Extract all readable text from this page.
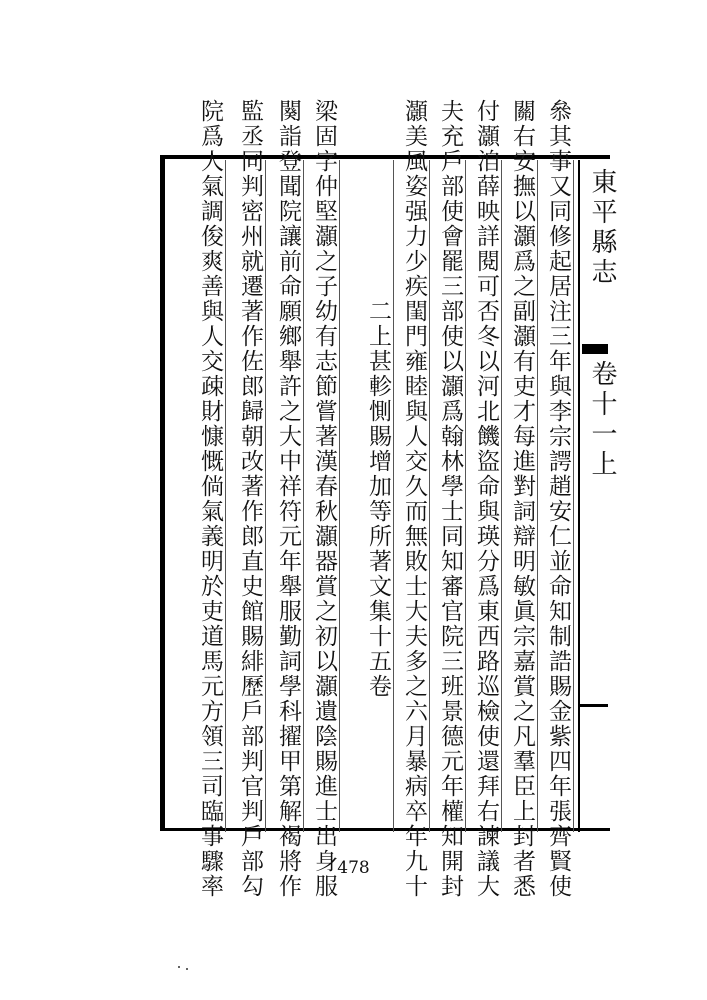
東平縣志
卷十一上
叅其事又同修起居注三年與李宗諤趙安仁並命知制誥賜金紫四年張齊賢使
關右安撫以灝爲之副灝有吏才每進對詞辯明敏眞宗嘉賞之凡羣臣上封者悉
付灝洎薛映詳閱可否冬以河北饑盜命與瑛分爲東西路巡檢使還拜右諫議大
夫充戶部使會罷三部使以灝爲翰林學士同知審官院三班景德元年權知開封
灝美風姿强力少疾閨門雍睦與人交久而無敗士大夫多之六月暴病卒年九十
二上甚軫惻賜增加等所著文集十五卷
梁固字仲堅灝之子幼有志節嘗著漢春秋灝器賞之初以灝遺陰賜進士出身服
闋詣登聞院讓前命願鄉舉許之大中祥符元年舉服勤詞學科擢甲第解褐將作
監丞同判密州就遷著作佐郎歸朝改著作郎直史館賜緋歷戶部判官判戶部勾
院爲人氣調俊爽善與人交疎財慷慨倘氣義明於吏道馬元方領三司臨事驟率	478
